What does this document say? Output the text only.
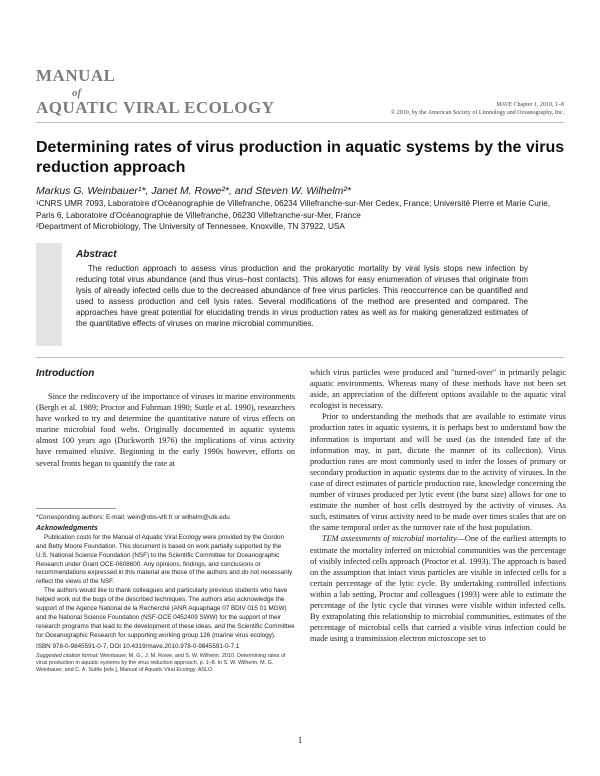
MANUAL
of
AQUATIC VIRAL ECOLOGY	MAVE Chapter 1, 2010, 1–8
© 2010, by the American Society of Limnology and Oceanography, Inc.
Determining rates of virus production in aquatic systems by the virus reduction approach
Markus G. Weinbauer¹*, Janet M. Rowe²*, and Steven W. Wilhelm²*
¹CNRS UMR 7093, Laboratoire d'Océanographie de Villefranche, 06234 Villefranche-sur-Mer Cedex, France; Université Pierre et Marie Curie, Paris 6, Laboratoire d'Océanographie de Villefranche, 06230 Villefranche-sur-Mer, France
²Department of Microbiology, The University of Tennessee, Knoxville, TN 37922, USA
Abstract
The reduction approach to assess virus production and the prokaryotic mortality by viral lysis stops new infection by reducing total virus abundance (and thus virus–host contacts). This allows for easy enumeration of viruses that originate from lysis of already infected cells due to the decreased abundance of free virus particles. This reoccurrence can be quantified and used to assess production and cell lysis rates. Several modifications of the method are presented and compared. The approaches have great potential for elucidating trends in virus production rates as well as for making generalized estimates of the quantitative effects of viruses on marine microbial communities.
Introduction

Since the rediscovery of the importance of viruses in marine environments (Bergh et al. 1989; Proctor and Fuhrman 1990; Suttle et al. 1990), researchers have worked to try and determine the quantitative nature of virus effects on marine microbial food webs. Originally documented in aquatic systems almost 100 years ago (Duckworth 1976) the implications of virus activity have remained elusive. Beginning in the early 1990s however, efforts on several fronts began to quantify the rate at

*Corresponding authors: E-mail: wein@obs-vlfr.fr or wilhelm@utk.edu

Acknowledgments

Publication costs for the Manual of Aquatic Viral Ecology were provided by the Gordon and Betty Moore Foundation. This document is based on work partially supported by the U.S. National Science Foundation (NSF) to the Scientific Committee for Oceanographic Research under Grant OCE-0608600. Any opinions, findings, and conclusions or recommendations expressed in this material are those of the authors and do not necessarily reflect the views of the NSF.

The authors would like to thank colleagues and particularly previous students who have helped work out the bugs of the described techniques. The authors also acknowledge the support of the Agence National de la Recherché (ANR Aquaphage 07 BDIV 015 01 MGW) and the National Science Foundation (NSF-OCE 0452409 SWW) for the support of their research programs that lead to the development of these ideas, and the Scientific Committee for Oceanographic Research for supporting working group 126 (marine virus ecology).

ISBN 978-0-9845591-0-7, DOI 10.4319/mave.2010.978-0-9845591-0-7.1

Suggested citation format: Weinbauer, M. G., J. M. Rowe, and S. W. Wilhelm. 2010. Determining rates of virus production in aquatic systems by the virus reduction approach, p. 1–8. In S. W. Wilhelm, M. G. Weinbauer, and C. A. Suttle [eds.], Manual of Aquatic Viral Ecology. ASLO.

which virus particles were produced and "turned-over" in primarily pelagic aquatic environments. Whereas many of these methods have not been set aside, an appreciation of the different options available to the aquatic viral ecologist is necessary.

Prior to understanding the methods that are available to estimate virus production rates in aquatic systems, it is perhaps best to understand how the information is important and will be used (as the intended fate of the information may, in part, dictate the manner of its collection). Virus production rates are most commonly used to infer the losses of primary or secondary production in aquatic systems due to the activity of viruses. In the case of direct estimates of particle production rate, knowledge concerning the number of viruses produced per lytic event (the burst size) allows for one to estimate the number of host cells destroyed by the activity of viruses. As such, estimates of virus activity need to be made over times scales that are on the same temporal order as the turnover rate of the host population.

TEM assessments of microbial mortality—One of the earliest attempts to estimate the mortality inferred on microbial communities was the percentage of visibly infected cells approach (Proctor et al. 1993). The approach is based on the assumption that intact virus particles are visible in infected cells for a certain percentage of the lytic cycle. By undertaking controlled infections within a lab setting, Proctor and colleagues (1993) were able to estimate the percentage of the lytic cycle that viruses were visible within infected cells. By extrapolating this relationship to microbial communities, estimates of the percentage of microbial cells that carried a visible virus infection could be made using a transmission electron microscope set to

1
